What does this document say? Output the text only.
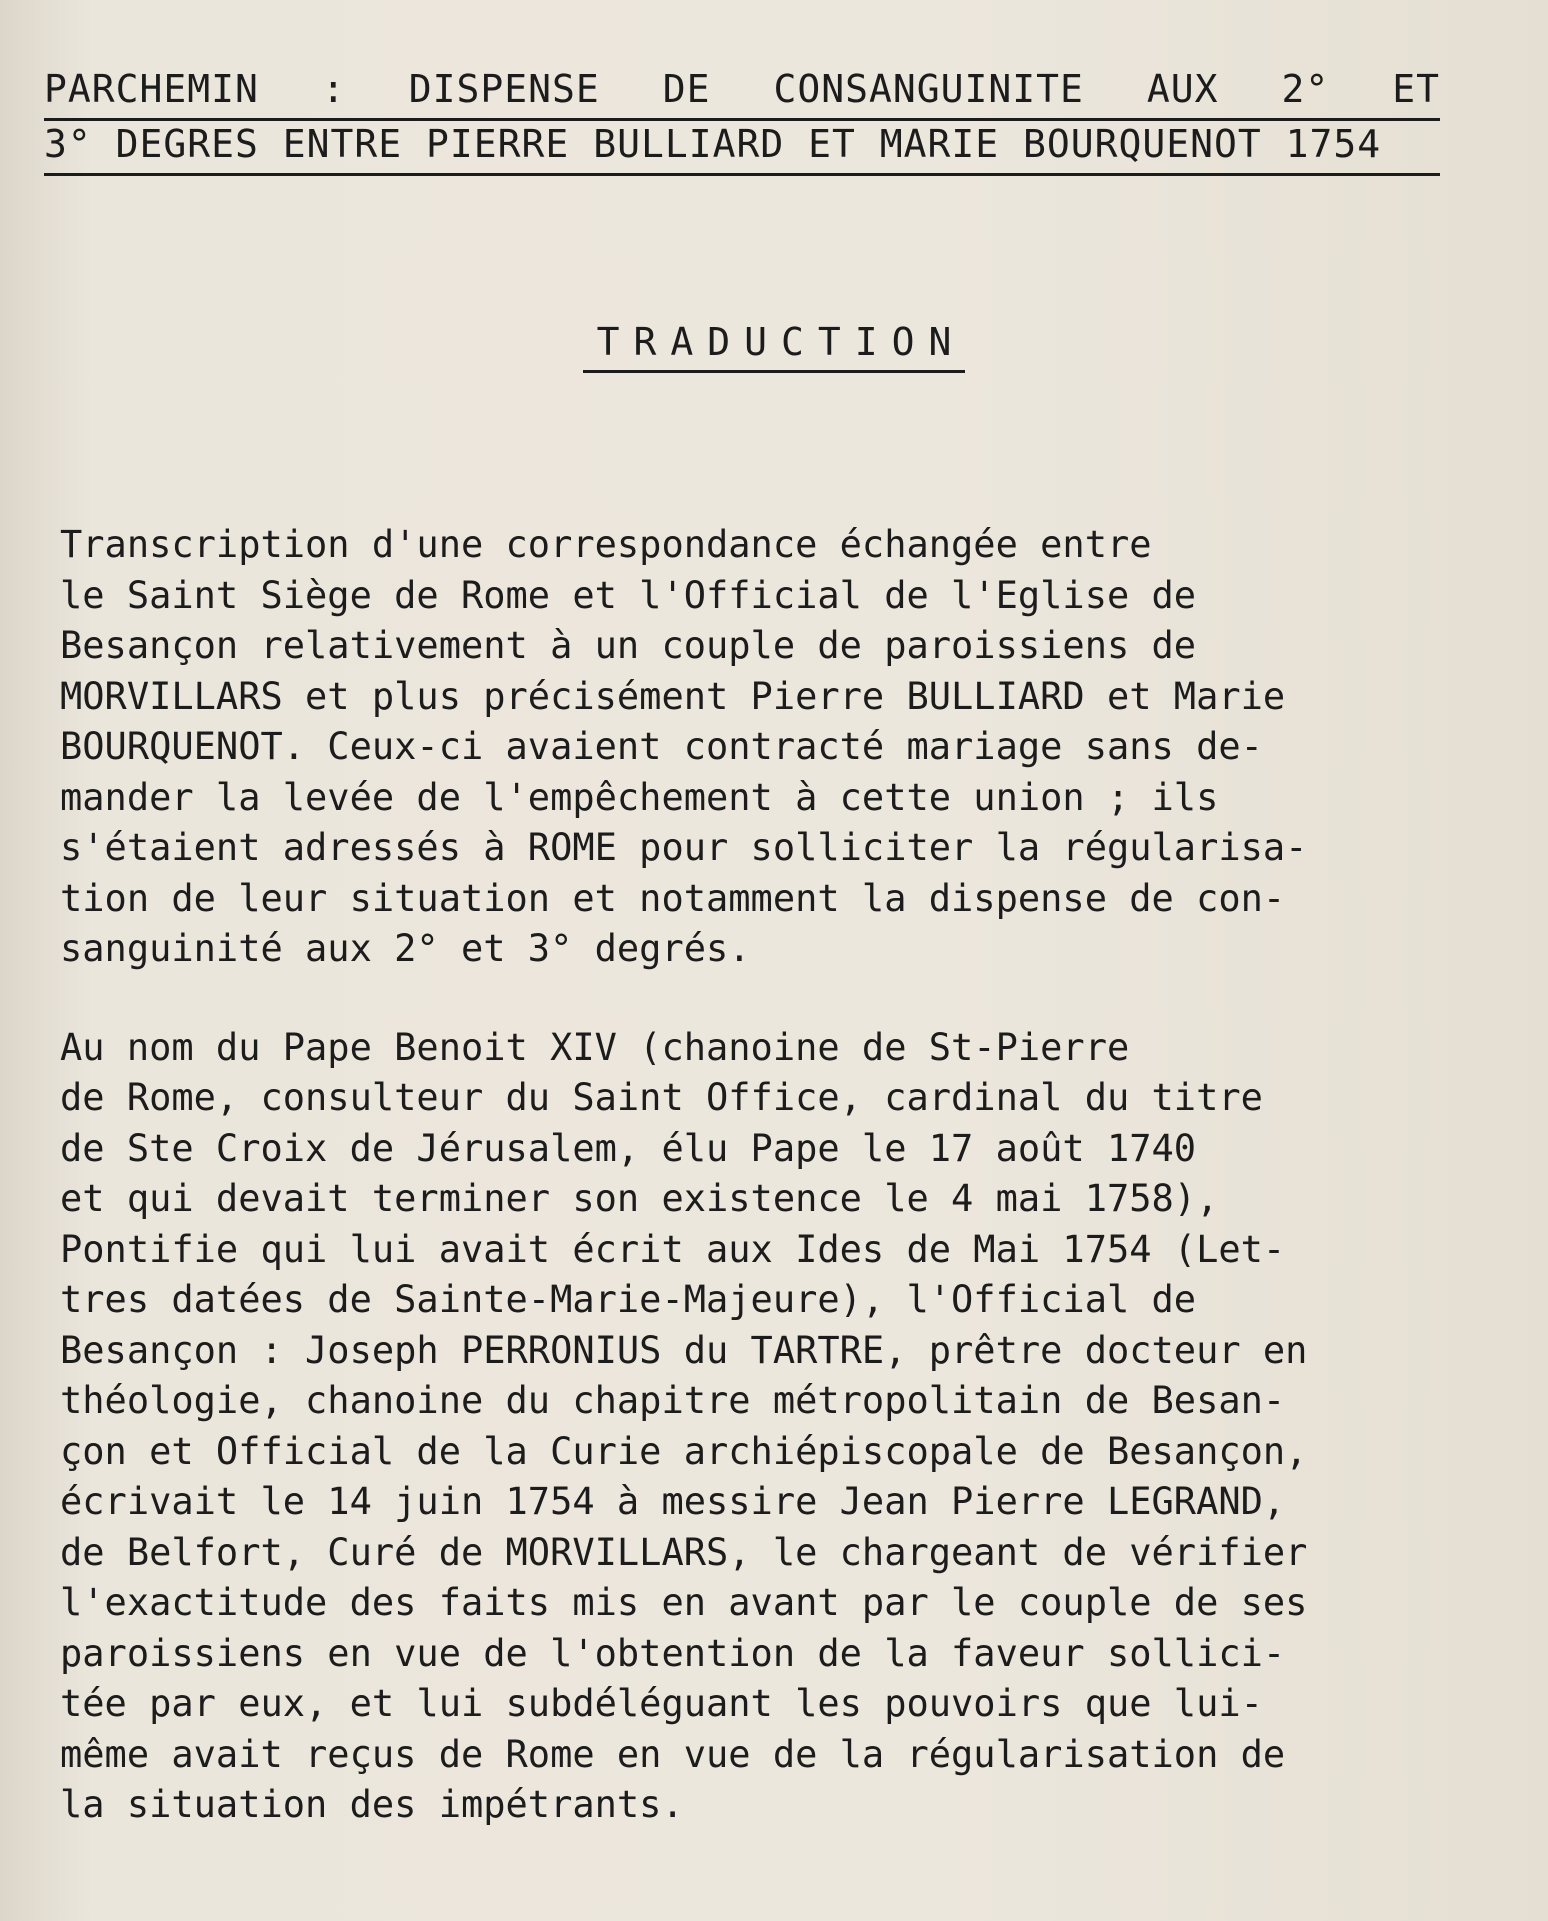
PARCHEMIN : DISPENSE DE CONSANGUINITE AUX 2° ET
3° DEGRES ENTRE PIERRE BULLIARD ET MARIE BOURQUENOT 1754
TRADUCTION

Transcription d'une correspondance échangée entre
le Saint Siège de Rome et l'Official de l'Eglise de
Besançon relativement à un couple de paroissiens de
MORVILLARS et plus précisément Pierre BULLIARD et Marie
BOURQUENOT. Ceux-ci avaient contracté mariage sans de-
mander la levée de l'empêchement à cette union ; ils
s'étaient adressés à ROME pour solliciter la régularisa-
tion de leur situation et notamment la dispense de con-
sanguinité aux 2° et 3° degrés.

Au nom du Pape Benoit XIV (chanoine de St-Pierre
de Rome, consulteur du Saint Office, cardinal du titre
de Ste Croix de Jérusalem, élu Pape le 17 août 1740
et qui devait terminer son existence le 4 mai 1758),
Pontifie qui lui avait écrit aux Ides de Mai 1754 (Let-
tres datées de Sainte-Marie-Majeure), l'Official de
Besançon : Joseph PERRONIUS du TARTRE, prêtre docteur en
théologie, chanoine du chapitre métropolitain de Besan-
çon et Official de la Curie archiépiscopale de Besançon,
écrivait le 14 juin 1754 à messire Jean Pierre LEGRAND,
de Belfort, Curé de MORVILLARS, le chargeant de vérifier
l'exactitude des faits mis en avant par le couple de ses
paroissiens en vue de l'obtention de la faveur sollici-
tée par eux, et lui subdéléguant les pouvoirs que lui-
même avait reçus de Rome en vue de la régularisation de
la situation des impétrants.
